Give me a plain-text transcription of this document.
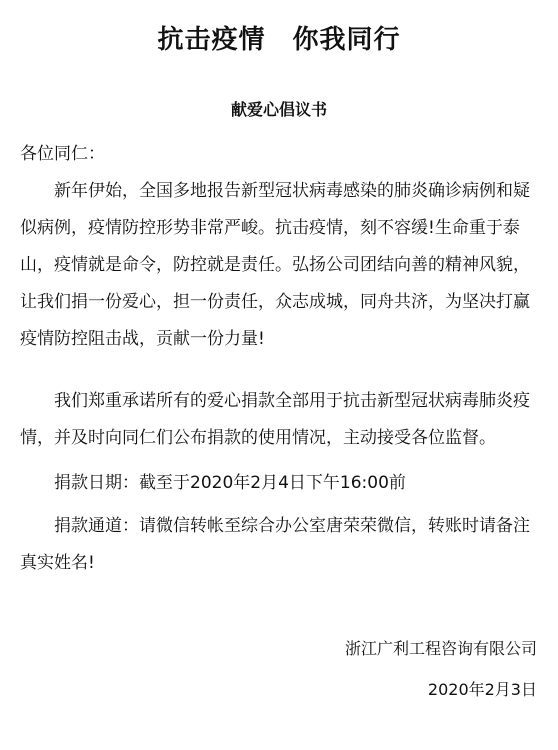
抗击疫情　你我同行
献爱心倡议书

各位同仁：

新年伊始，全国多地报告新型冠状病毒感染的肺炎确诊病例和疑似病例，疫情防控形势非常严峻。抗击疫情，刻不容缓!生命重于泰山，疫情就是命令，防控就是责任。弘扬公司团结向善的精神风貌，让我们捐一份爱心，担一份责任，众志成城，同舟共济，为坚决打赢疫情防控阻击战，贡献一份力量!

我们郑重承诺所有的爱心捐款全部用于抗击新型冠状病毒肺炎疫情，并及时向同仁们公布捐款的使用情况，主动接受各位监督。

捐款日期：截至于2020年2月4日下午16:00前

捐款通道：请微信转帐至综合办公室唐荣荣微信，转账时请备注真实姓名!

浙江广利工程咨询有限公司
2020年2月3日
